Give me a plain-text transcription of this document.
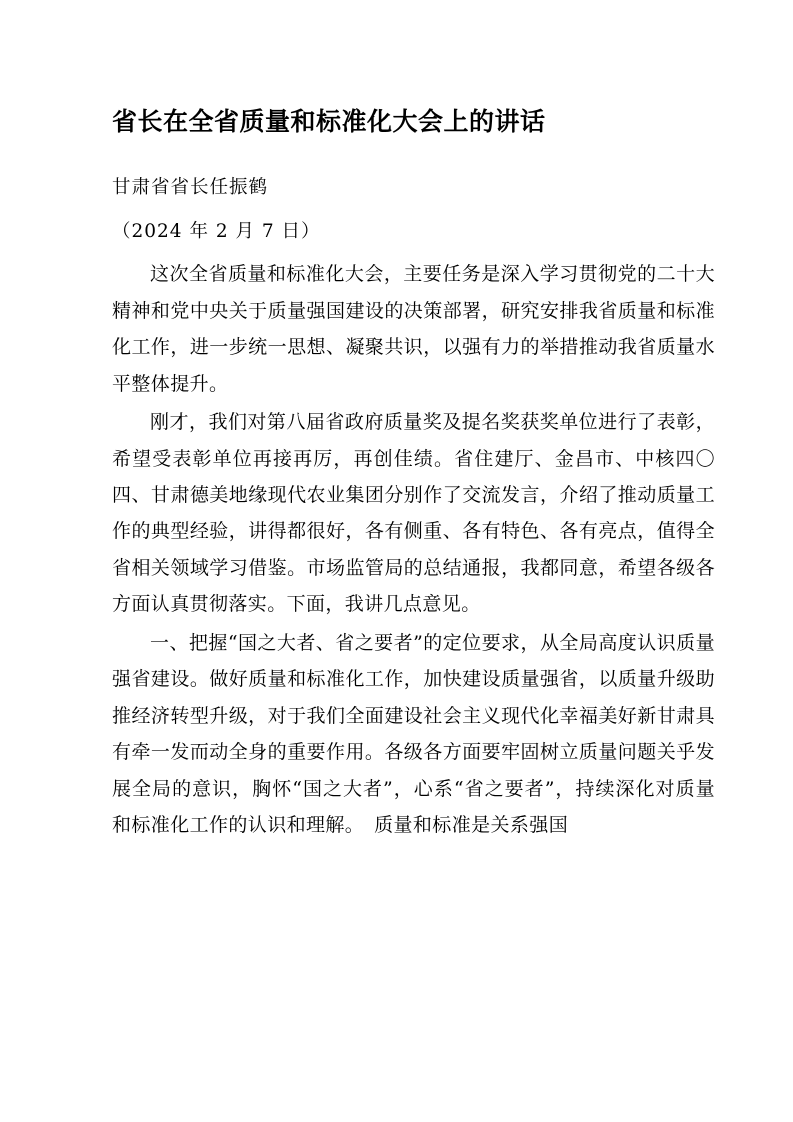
省长在全省质量和标准化大会上的讲话

甘肃省省长任振鹤

（2024 年 2 月 7 日）

这次全省质量和标准化大会，主要任务是深入学习贯彻党的二十大精神和党中央关于质量强国建设的决策部署，研究安排我省质量和标准化工作，进一步统一思想、凝聚共识，以强有力的举措推动我省质量水平整体提升。

刚才，我们对第八届省政府质量奖及提名奖获奖单位进行了表彰，希望受表彰单位再接再厉，再创佳绩。省住建厅、金昌市、中核四〇四、甘肃德美地缘现代农业集团分别作了交流发言，介绍了推动质量工作的典型经验，讲得都很好，各有侧重、各有特色、各有亮点，值得全省相关领域学习借鉴。市场监管局的总结通报，我都同意，希望各级各方面认真贯彻落实。下面，我讲几点意见。

一、把握“国之大者、省之要者”的定位要求，从全局高度认识质量强省建设。做好质量和标准化工作，加快建设质量强省，以质量升级助推经济转型升级，对于我们全面建设社会主义现代化幸福美好新甘肃具有牵一发而动全身的重要作用。各级各方面要牢固树立质量问题关乎发展全局的意识，胸怀“国之大者”，心系“省之要者”，持续深化对质量和标准化工作的认识和理解。　质量和标准是关系强国
